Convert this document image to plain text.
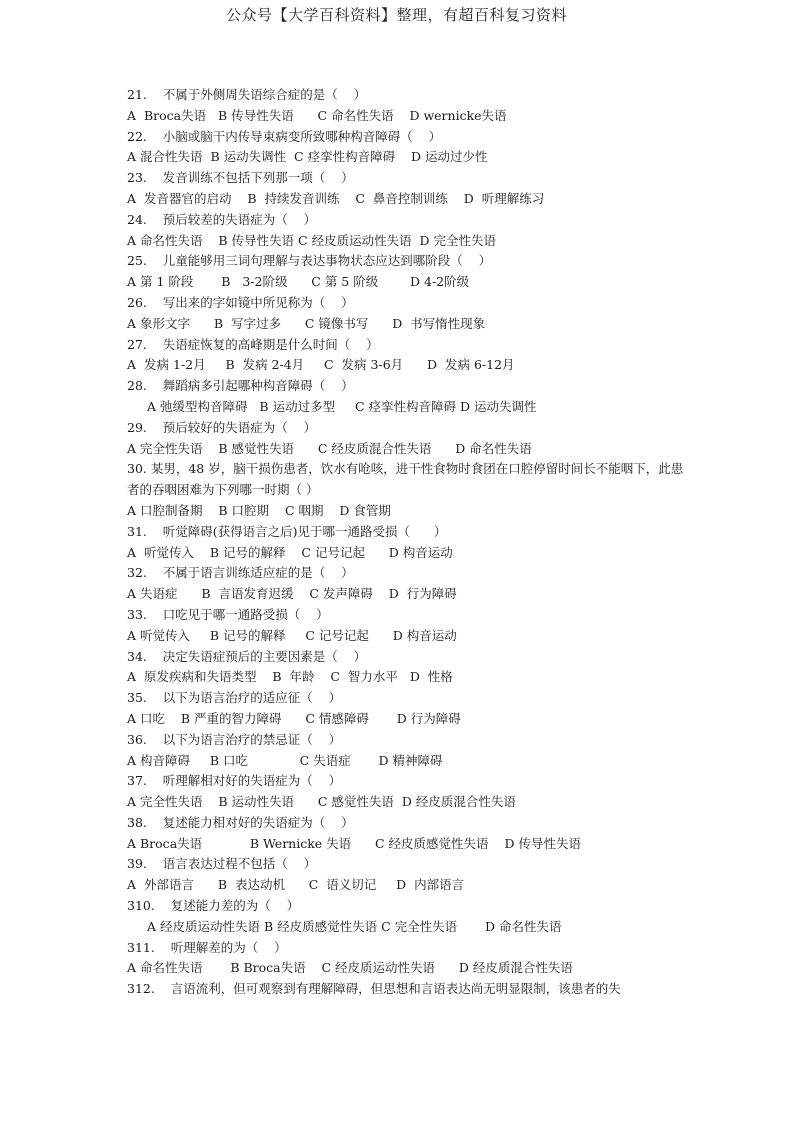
公众号【大学百科资料】整理，有超百科复习资料
21.    不属于外侧周失语综合症的是（    ）
A  Broca失语   B 传导性失语      C 命名性失语    D wernicke失语
22.    小脑或脑干内传导束病变所致哪种构音障碍（    ）
A 混合性失语  B 运动失调性  C 痉挛性构音障碍    D 运动过少性
23.    发音训练不包括下列那一项（    ）
A  发音器官的启动    B  持续发音训练    C  鼻音控制训练    D  听理解练习
24.    预后较差的失语症为（    ）
A 命名性失语    B 传导性失语 C 经皮质运动性失语  D 完全性失语
25.    儿童能够用三词句理解与表达事物状态应达到哪阶段（    ）
A 第 1 阶段       B   3-2阶级      C 第 5 阶级        D 4-2阶级
26.    写出来的字如镜中所见称为（    ）
A 象形文字      B  写字过多      C 镜像书写      D  书写惰性现象
27.    失语症恢复的高峰期是什么时间（    ）
A  发病 1-2月     B  发病 2-4月     C  发病 3-6月      D  发病 6-12月
28.    舞蹈病多引起哪种构音障碍（    ）
A 弛缓型构音障碍   B 运动过多型     C 痉挛性构音障碍 D 运动失调性
29.    预后较好的失语症为（    ）
A 完全性失语    B 感觉性失语      C 经皮质混合性失语      D 命名性失语
30. 某男，48 岁，脑干损伤患者，饮水有呛咳，进干性食物时食团在口腔停留时间长不能咽下，此患者的吞咽困难为下列哪一时期（ ）
A 口腔制备期    B 口腔期    C 咽期    D 食管期
31.    听觉障碍(获得语言之后)见于哪一通路受损（      ）
A  听觉传入    B 记号的解释    C 记号记起      D 构音运动
32.    不属于语言训练适应症的是（    ）
A 失语症      B  言语发育迟缓    C 发声障碍    D  行为障碍
33.    口吃见于哪一通路受损（    ）
A 听觉传入     B 记号的解释     C 记号记起      D 构音运动
34.    决定失语症预后的主要因素是（    ）
A  原发疾病和失语类型    B  年龄    C  智力水平   D  性格
35.    以下为语言治疗的适应征（    ）
A 口吃    B 严重的智力障碍      C 情感障碍       D 行为障碍
36.    以下为语言治疗的禁忌证（    ）
A 构音障碍     B 口吃             C 失语症       D 精神障碍
37.    听理解相对好的失语症为（    ）
A 完全性失语    B 运动性失语      C 感觉性失语  D 经皮质混合性失语
38.    复述能力相对好的失语症为（    ）
A Broca失语            B Wernicke 失语      C 经皮质感觉性失语    D 传导性失语
39.    语言表达过程不包括（    ）
A  外部语言      B  表达动机      C  语义切记     D  内部语言
310.    复述能力差的为（    ）
A 经皮质运动性失语 B 经皮质感觉性失语 C 完全性失语       D 命名性失语
311.    听理解差的为（    ）
A 命名性失语       B Broca失语    C 经皮质运动性失语      D 经皮质混合性失语
312.    言语流利，但可观察到有理解障碍，但思想和言语表达尚无明显限制，该患者的失
